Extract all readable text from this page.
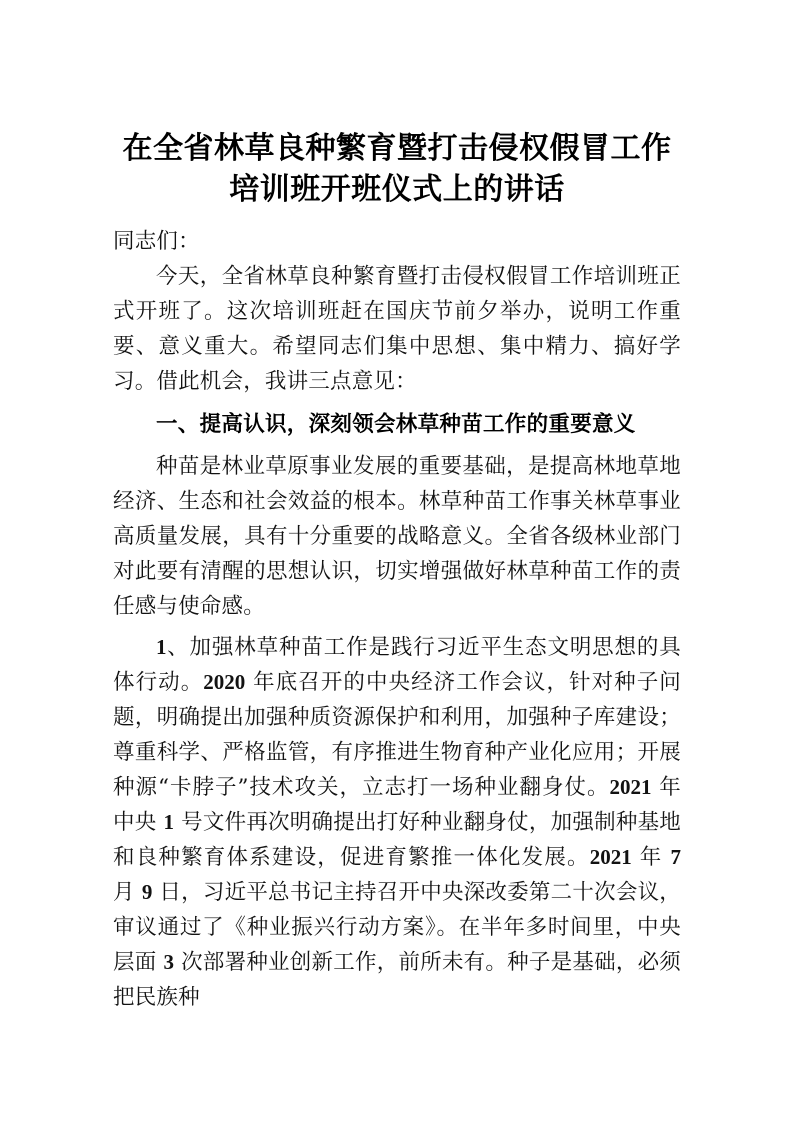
在全省林草良种繁育暨打击侵权假冒工作
培训班开班仪式上的讲话

同志们：

今天，全省林草良种繁育暨打击侵权假冒工作培训班正式开班了。这次培训班赶在国庆节前夕举办，说明工作重要、意义重大。希望同志们集中思想、集中精力、搞好学习。借此机会，我讲三点意见：

一、提高认识，深刻领会林草种苗工作的重要意义

种苗是林业草原事业发展的重要基础，是提高林地草地经济、生态和社会效益的根本。林草种苗工作事关林草事业高质量发展，具有十分重要的战略意义。全省各级林业部门对此要有清醒的思想认识，切实增强做好林草种苗工作的责任感与使命感。

1、加强林草种苗工作是践行习近平生态文明思想的具体行动。2020 年底召开的中央经济工作会议，针对种子问题，明确提出加强种质资源保护和利用，加强种子库建设；尊重科学、严格监管，有序推进生物育种产业化应用；开展种源“卡脖子”技术攻关，立志打一场种业翻身仗。2021 年中央 1 号文件再次明确提出打好种业翻身仗，加强制种基地和良种繁育体系建设，促进育繁推一体化发展。2021 年 7 月 9 日，习近平总书记主持召开中央深改委第二十次会议，审议通过了《种业振兴行动方案》。在半年多时间里，中央层面 3 次部署种业创新工作，前所未有。种子是基础，必须把民族种
